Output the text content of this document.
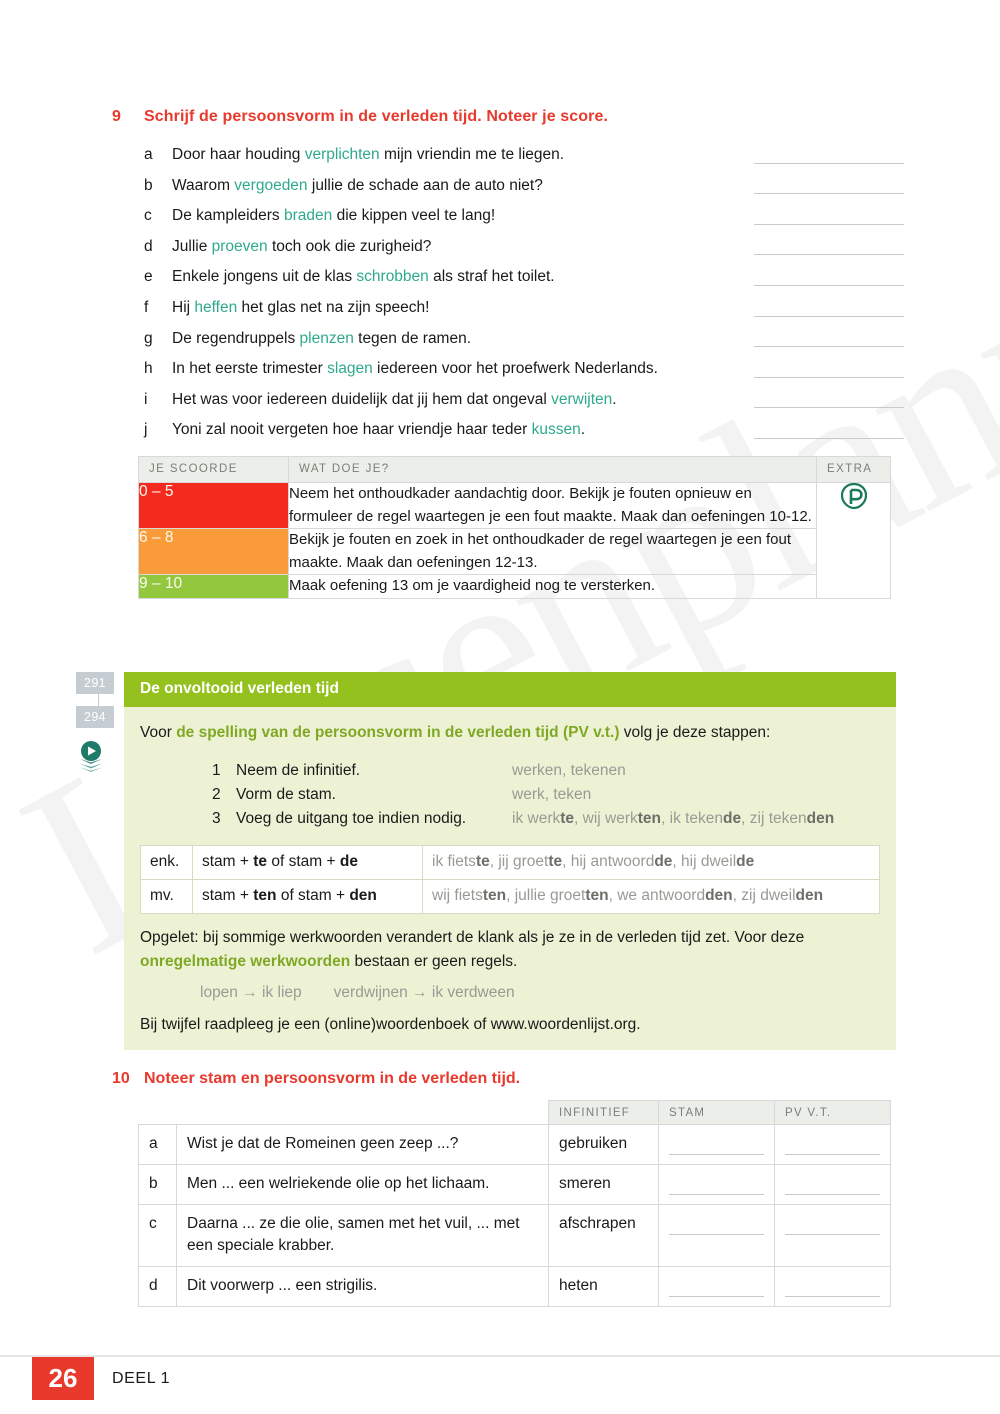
9 Schrijf de persoonsvorm in de verleden tijd. Noteer je score.
a	Door haar houding verplichten mijn vriendin me te liegen.
b	Waarom vergoeden jullie de schade aan de auto niet?
c	De kampleiders braden die kippen veel te lang!
d	Jullie proeven toch ook die zurigheid?
e	Enkele jongens uit de klas schrobben als straf het toilet.
f	Hij heffen het glas net na zijn speech!
g	De regendruppels plenzen tegen de ramen.
h	In het eerste trimester slagen iedereen voor het proefwerk Nederlands.
i	Het was voor iedereen duidelijk dat jij hem dat ongeval verwijten.
j	Yoni zal nooit vergeten hoe haar vriendje haar teder kussen.
JE SCOORDE	WAT DOE JE?	EXTRA
0 – 5	Neem het onthoudkader aandachtig door. Bekijk je fouten opnieuw en formuleer de regel waartegen je een fout maakte. Maak dan oefeningen 10-12.	
6 – 8	Bekijk je fouten en zoek in het onthoudkader de regel waartegen je een fout maakte. Maak dan oefeningen 12-13.	
9 – 10	Maak oefening 13 om je vaardigheid nog te versterken.	
291
294
De onvoltooid verleden tijd

Voor de spelling van de persoonsvorm in de verleden tijd (PV v.t.) volg je deze stappen:

1 Neem de infinitief.	werken, tekenen
2 Vorm de stam.	werk, teken
3 Voeg de uitgang toe indien nodig.	ik werkte, wij werkten, ik tekende, zij tekenden
enk.	stam + te of stam + de	ik fietste, jij groette, hij antwoordde, hij dweilde
mv.	stam + ten of stam + den	wij fietsten, jullie groetten, we antwoordden, zij dweilden

Opgelet: bij sommige werkwoorden verandert de klank als je ze in de verleden tijd zet. Voor deze onregelmatige werkwoorden bestaan er geen regels.

lopen → ik liep verdwijnen → ik verdween

Bij twijfel raadpleeg je een (online)woordenboek of www.woordenlijst.org.

10 Noteer stam en persoonsvorm in de verleden tijd.
		INFINITIEF	STAM	PV V.T.
a	Wist je dat de Romeinen geen zeep ...?	gebruiken	

b	Men ... een welriekende olie op het lichaam.	smeren	

c	Daarna ... ze die olie, samen met het vuil, ... met een speciale krabber.	afschrapen	

d	Dit voorwerp ... een strigilis.	heten	

26	DEEL 1
